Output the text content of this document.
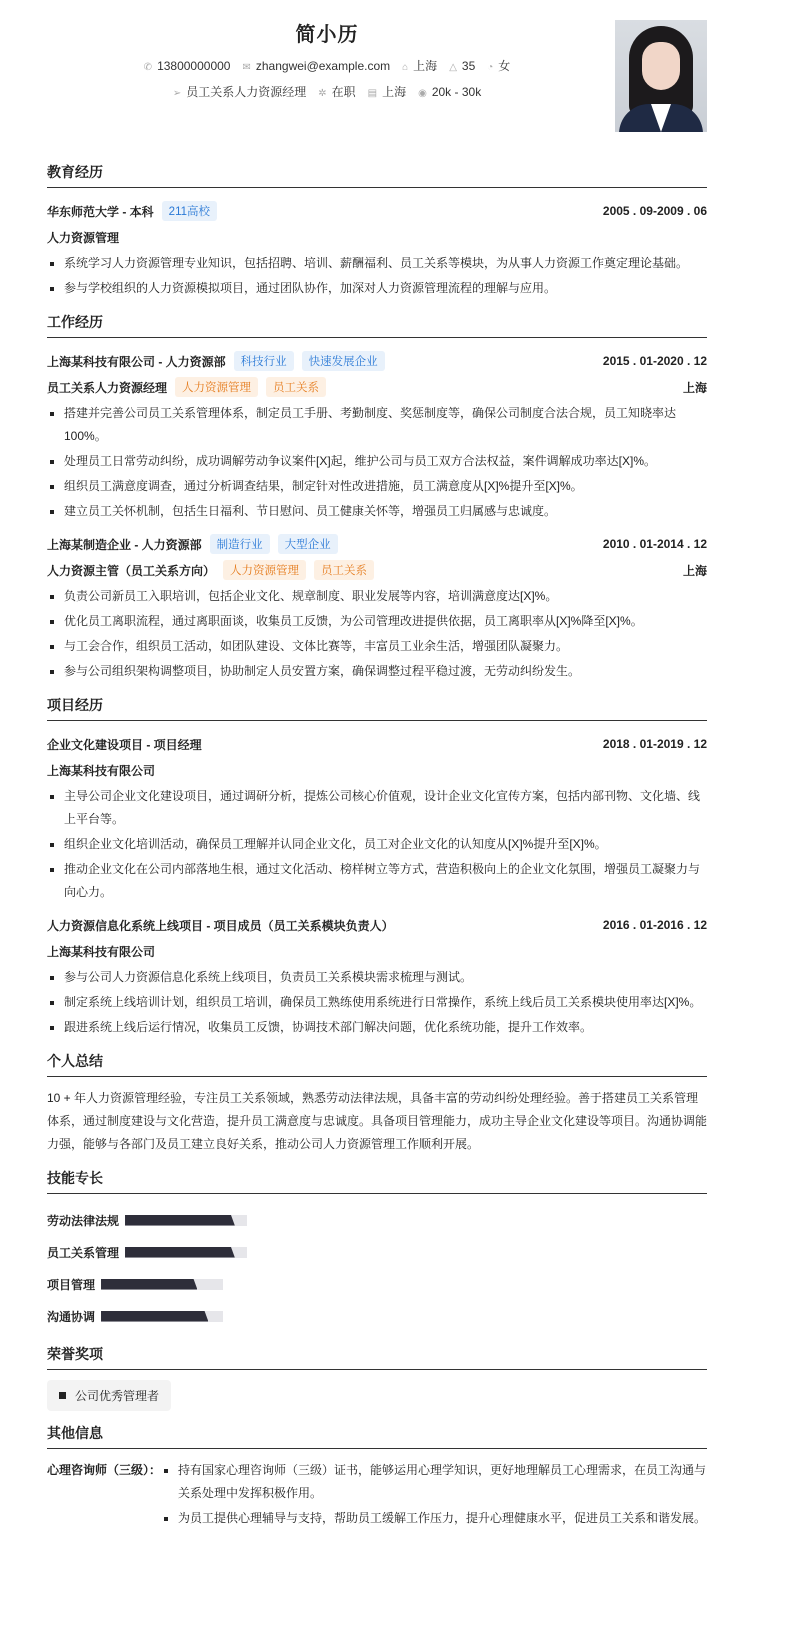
简小历
✆ 13800000000 ✉ zhangwei@example.com ⌂ 上海 △ 35 ◔ 女
➢ 员工关系人力资源经理 ✲ 在职 ▤ 上海 ◉ 20k - 30k
教育经历
华东师范大学 - 本科	211高校	2005 . 09-2009 . 06
人力资源管理
系统学习人力资源管理专业知识，包括招聘、培训、薪酬福利、员工关系等模块，为从事人力资源工作奠定理论基础。
参与学校组织的人力资源模拟项目，通过团队协作，加深对人力资源管理流程的理解与应用。
工作经历
上海某科技有限公司 - 人力资源部	科技行业	快速发展企业	2015 . 01-2020 . 12
员工关系人力资源经理	人力资源管理	员工关系	上海
搭建并完善公司员工关系管理体系，制定员工手册、考勤制度、奖惩制度等，确保公司制度合法合规，员工知晓率达 100%。
处理员工日常劳动纠纷，成功调解劳动争议案件[X]起，维护公司与员工双方合法权益，案件调解成功率达[X]%。
组织员工满意度调查，通过分析调查结果，制定针对性改进措施，员工满意度从[X]%提升至[X]%。
建立员工关怀机制，包括生日福利、节日慰问、员工健康关怀等，增强员工归属感与忠诚度。
上海某制造企业 - 人力资源部	制造行业	大型企业	2010 . 01-2014 . 12
人力资源主管（员工关系方向）	人力资源管理	员工关系	上海
负责公司新员工入职培训，包括企业文化、规章制度、职业发展等内容，培训满意度达[X]%。
优化员工离职流程，通过离职面谈，收集员工反馈，为公司管理改进提供依据，员工离职率从[X]%降至[X]%。
与工会合作，组织员工活动，如团队建设、文体比赛等，丰富员工业余生活，增强团队凝聚力。
参与公司组织架构调整项目，协助制定人员安置方案，确保调整过程平稳过渡，无劳动纠纷发生。
项目经历
企业文化建设项目 - 项目经理	2018 . 01-2019 . 12
上海某科技有限公司
主导公司企业文化建设项目，通过调研分析，提炼公司核心价值观，设计企业文化宣传方案，包括内部刊物、文化墙、线上平台等。
组织企业文化培训活动，确保员工理解并认同企业文化，员工对企业文化的认知度从[X]%提升至[X]%。
推动企业文化在公司内部落地生根，通过文化活动、榜样树立等方式，营造积极向上的企业文化氛围，增强员工凝聚力与向心力。
人力资源信息化系统上线项目 - 项目成员（员工关系模块负责人）	2016 . 01-2016 . 12
上海某科技有限公司
参与公司人力资源信息化系统上线项目，负责员工关系模块需求梳理与测试。
制定系统上线培训计划，组织员工培训，确保员工熟练使用系统进行日常操作，系统上线后员工关系模块使用率达[X]%。
跟进系统上线后运行情况，收集员工反馈，协调技术部门解决问题，优化系统功能，提升工作效率。
个人总结
10 + 年人力资源管理经验，专注员工关系领域，熟悉劳动法律法规，具备丰富的劳动纠纷处理经验。善于搭建员工关系管理体系，通过制度建设与文化营造，提升员工满意度与忠诚度。具备项目管理能力，成功主导企业文化建设等项目。沟通协调能力强，能够与各部门及员工建立良好关系，推动公司人力资源管理工作顺利开展。
技能专长
劳动法律法规
员工关系管理
项目管理
沟通协调
荣誉奖项
公司优秀管理者
其他信息
心理咨询师（三级）：	持有国家心理咨询师（三级）证书，能够运用心理学知识，更好地理解员工心理需求，在员工沟通与关系处理中发挥积极作用。
为员工提供心理辅导与支持，帮助员工缓解工作压力，提升心理健康水平，促进员工关系和谐发展。
